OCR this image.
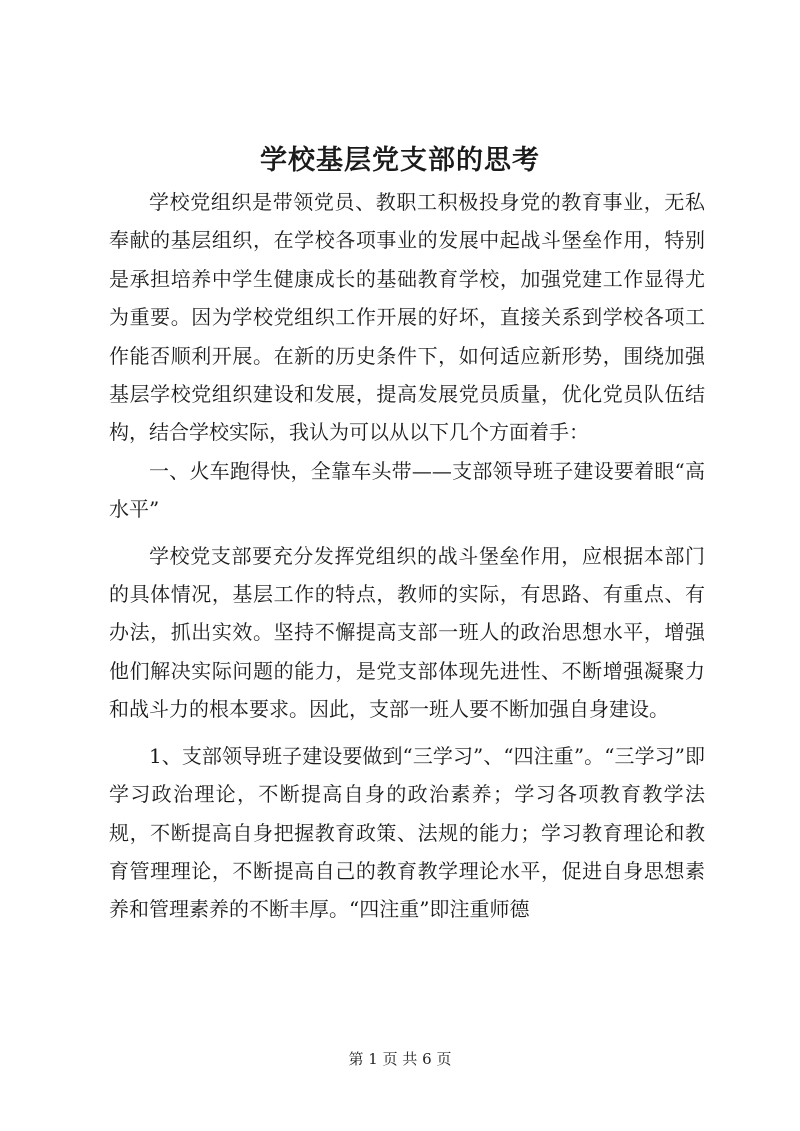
学校基层党支部的思考

学校党组织是带领党员、教职工积极投身党的教育事业，无私奉献的基层组织，在学校各项事业的发展中起战斗堡垒作用，特别是承担培养中学生健康成长的基础教育学校，加强党建工作显得尤为重要。因为学校党组织工作开展的好坏，直接关系到学校各项工作能否顺利开展。在新的历史条件下，如何适应新形势，围绕加强基层学校党组织建设和发展，提高发展党员质量，优化党员队伍结构，结合学校实际，我认为可以从以下几个方面着手：

一、火车跑得快，全靠车头带——支部领导班子建设要着眼“高水平”

学校党支部要充分发挥党组织的战斗堡垒作用，应根据本部门的具体情况，基层工作的特点，教师的实际，有思路、有重点、有办法，抓出实效。坚持不懈提高支部一班人的政治思想水平，增强他们解决实际问题的能力，是党支部体现先进性、不断增强凝聚力和战斗力的根本要求。因此，支部一班人要不断加强自身建设。

1、支部领导班子建设要做到“三学习”、“四注重”。“三学习”即学习政治理论，不断提高自身的政治素养；学习各项教育教学法规，不断提高自身把握教育政策、法规的能力；学习教育理论和教育管理理论，不断提高自己的教育教学理论水平，促进自身思想素养和管理素养的不断丰厚。“四注重”即注重师德

第 1 页 共 6 页
